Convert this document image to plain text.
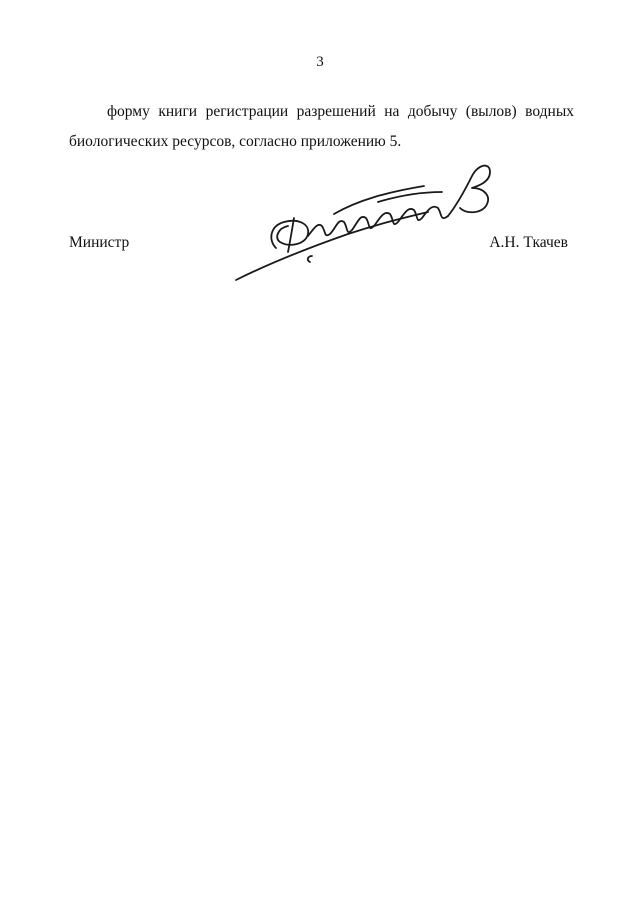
3

форму книги регистрации разрешений на добычу (вылов) водных
биологических ресурсов, согласно приложению 5.

Министр	А.Н. Ткачев
